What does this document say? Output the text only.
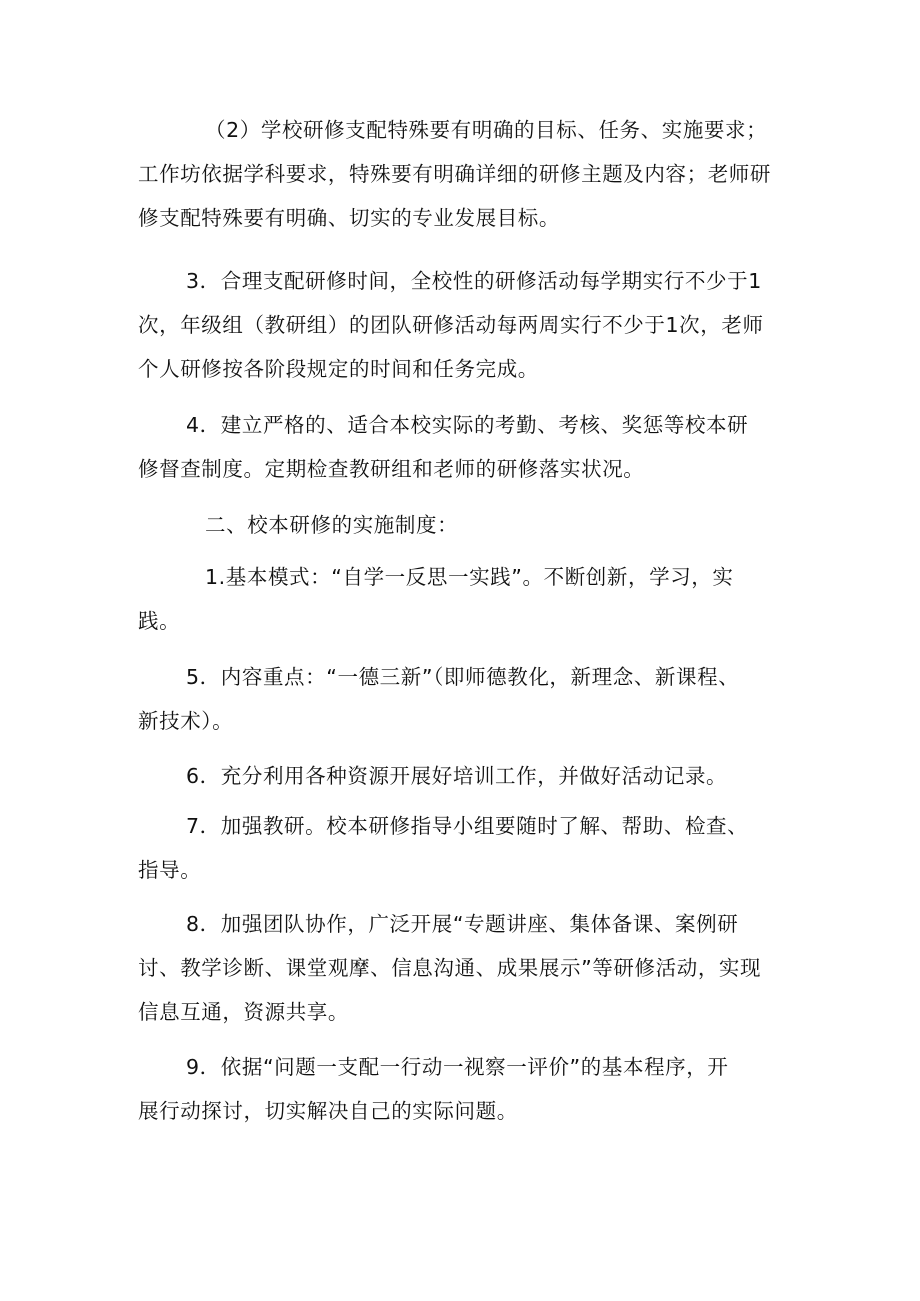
（2）学校研修支配特殊要有明确的目标、任务、实施要求；
工作坊依据学科要求，特殊要有明确详细的研修主题及内容；老师研
修支配特殊要有明确、切实的专业发展目标。
3．合理支配研修时间，全校性的研修活动每学期实行不少于1
次，年级组（教研组）的团队研修活动每两周实行不少于1次，老师
个人研修按各阶段规定的时间和任务完成。
4．建立严格的、适合本校实际的考勤、考核、奖惩等校本研
修督查制度。定期检查教研组和老师的研修落实状况。
二、校本研修的实施制度：
1.基本模式：“自学一反思一实践”。不断创新，学习，实
践。
5．内容重点：“一德三新”（即师德教化，新理念、新课程、
新技术）。
6．充分利用各种资源开展好培训工作，并做好活动记录。
7．加强教研。校本研修指导小组要随时了解、帮助、检查、
指导。
8．加强团队协作，广泛开展“专题讲座、集体备课、案例研
讨、教学诊断、课堂观摩、信息沟通、成果展示”等研修活动，实现
信息互通，资源共享。
9．依据“问题一支配一行动一视察一评价”的基本程序，开
展行动探讨，切实解决自己的实际问题。
